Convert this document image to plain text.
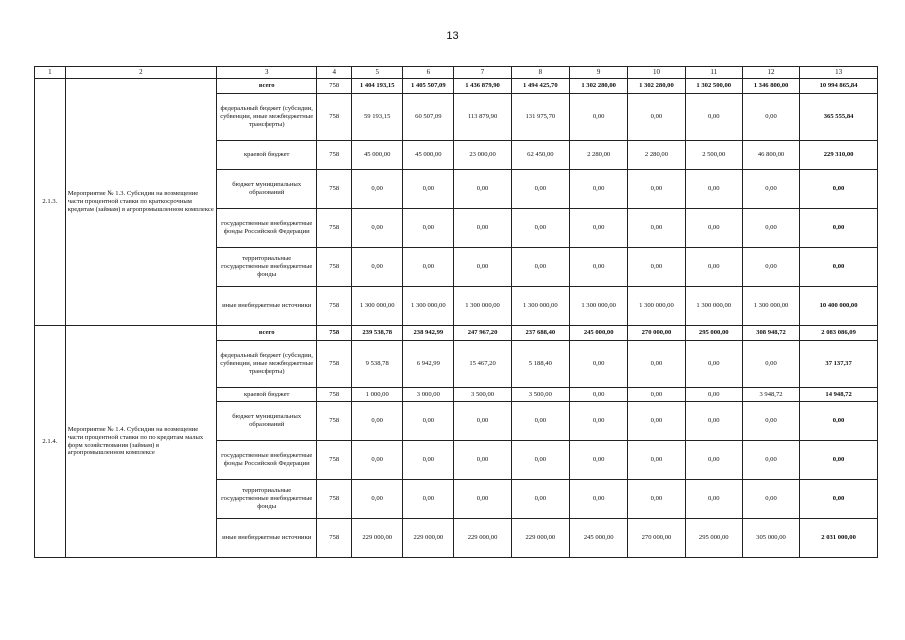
13
1	2	3	4	5	6	7	8	9	10	11	12	13
2.1.3.	Мероприятие № 1.3. Субсидии на возмещение части процентной ставки по краткосрочным кредитам (займам) в агропромышленном комплексе	всего	758	1 404 193,15	1 405 507,09	1 436 879,90	1 494 425,70	1 302 280,00	1 302 280,00	1 302 500,00	1 346 800,00	10 994 865,84
		федеральный бюджет (субсидии, субвенции, иные межбюджетные трансферты)	758	59 193,15	60 507,09	113 879,90	131 975,70	0,00	0,00	0,00	0,00	365 555,84
		краевой бюджет	758	45 000,00	45 000,00	23 000,00	62 450,00	2 280,00	2 280,00	2 500,00	46 800,00	229 310,00
		бюджет муниципальных образований	758	0,00	0,00	0,00	0,00	0,00	0,00	0,00	0,00	0,00
		государственные внебюджетные фонды Российской Федерации	758	0,00	0,00	0,00	0,00	0,00	0,00	0,00	0,00	0,00
		территориальные государственные внебюджетные фонды	758	0,00	0,00	0,00	0,00	0,00	0,00	0,00	0,00	0,00
		иные внебюджетные источники	758	1 300 000,00	1 300 000,00	1 300 000,00	1 300 000,00	1 300 000,00	1 300 000,00	1 300 000,00	1 300 000,00	10 400 000,00
2.1.4.	Мероприятие № 1.4. Субсидии на возмещение части процентной ставки по по кредитам малых форм хозяйствования (займам) в агропромышленном комплексе	всего	758	239 538,78	238 942,99	247 967,20	237 688,40	245 000,00	270 000,00	295 000,00	308 948,72	2 083 086,09
		федеральный бюджет (субсидии, субвенции, иные межбюджетные трансферты)	758	9 538,78	6 942,99	15 467,20	5 188,40	0,00	0,00	0,00	0,00	37 137,37
		краевой бюджет	758	1 000,00	3 000,00	3 500,00	3 500,00	0,00	0,00	0,00	3 948,72	14 948,72
		бюджет муниципальных образований	758	0,00	0,00	0,00	0,00	0,00	0,00	0,00	0,00	0,00
		государственные внебюджетные фонды Российской Федерации	758	0,00	0,00	0,00	0,00	0,00	0,00	0,00	0,00	0,00
		территориальные государственные внебюджетные фонды	758	0,00	0,00	0,00	0,00	0,00	0,00	0,00	0,00	0,00
		иные внебюджетные источники	758	229 000,00	229 000,00	229 000,00	229 000,00	245 000,00	270 000,00	295 000,00	305 000,00	2 031 000,00
